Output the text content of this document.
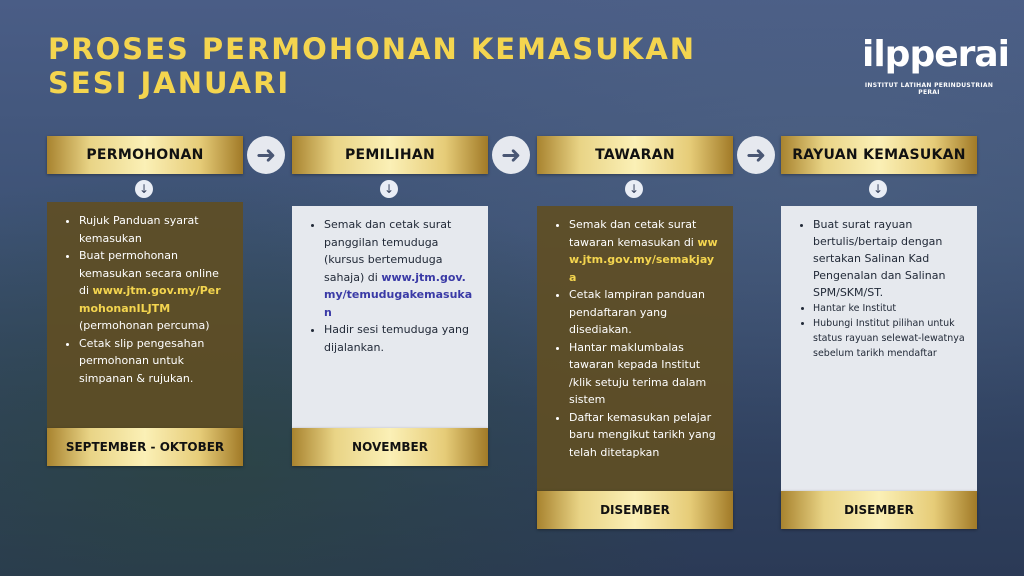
PROSES PERMOHONAN KEMASUKAN
SESI JANUARI
ilpperai
INSTITUT LATIHAN PERINDUSTRIAN PERAI
PERMOHONAN
↓
• Rujuk Panduan syarat kemasukan
• Buat permohonan kemasukan secara online di www.jtm.gov.my/PermohonanILJTM (permohonan percuma)
• Cetak slip pengesahan permohonan untuk simpanan & rujukan.
SEPTEMBER - OKTOBER
➜	PEMILIHAN
↓
• Semak dan cetak surat panggilan temuduga (kursus bertemuduga sahaja) di www.jtm.gov.my/temudugakemasukan
• Hadir sesi temuduga yang dijalankan.
NOVEMBER
➜	TAWARAN
↓
• Semak dan cetak surat tawaran kemasukan di www.jtm.gov.my/semakjaya
• Cetak lampiran panduan pendaftaran yang disediakan.
• Hantar maklumbalas tawaran kepada Institut /klik setuju terima dalam sistem
• Daftar kemasukan pelajar baru mengikut tarikh yang telah ditetapkan
DISEMBER
➜	RAYUAN KEMASUKAN
↓
• Buat surat rayuan bertulis/bertaip dengan sertakan Salinan Kad Pengenalan dan Salinan SPM/SKM/ST.
• Hantar ke Institut
• Hubungi Institut pilihan untuk status rayuan selewat-lewatnya sebelum tarikh mendaftar
DISEMBER
